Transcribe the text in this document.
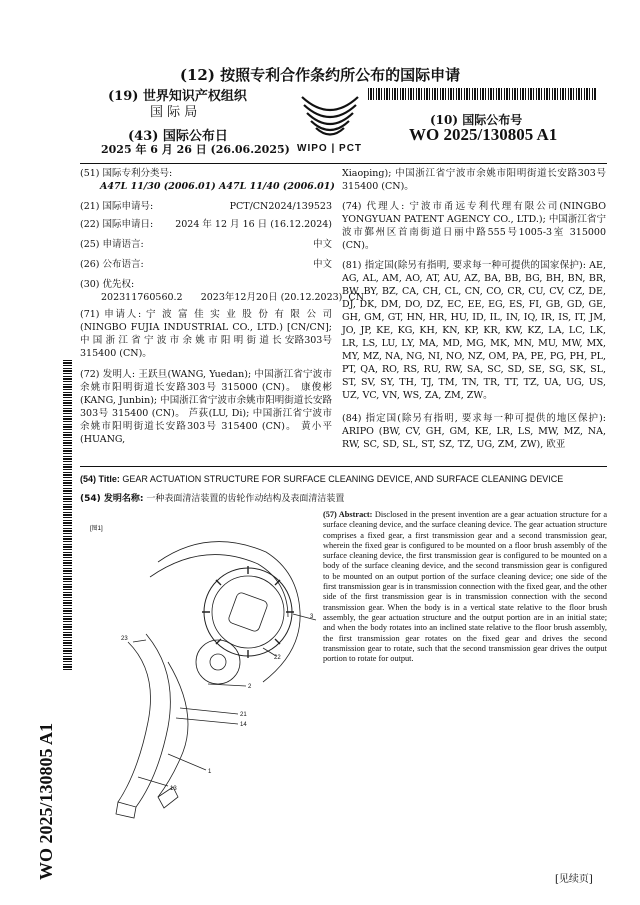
(12) 按照专利合作条约所公布的国际申请
(19) 世界知识产权组织
国 际 局
(43) 国际公布日
2025 年 6 月 26 日 (26.06.2025) WIPO | PCT
(10) 国际公布号
WO 2025/130805 A1
(51) 国际专利分类号:
A47L 11/30 (2006.01) A47L 11/40 (2006.01)
(21) 国际申请号:	PCT/CN2024/139523
(22) 国际申请日:	2024 年 12 月 16 日 (16.12.2024)
(25) 申请语言:	中文
(26) 公布语言:	中文
(30) 优先权:
202311760560.2      2023年12月20日 (20.12.2023)  CN
(71) 申请人: 宁 波 富 佳 实 业 股 份 有 限 公 司 (NINGBO FUJIA INDUSTRIAL CO., LTD.) [CN/CN]; 中 国 浙 江 省 宁 波 市 余 姚 市 阳 明 街 道 长 安路303号 315400 (CN)。
(72) 发明人: 王跃旦(WANG, Yuedan); 中国浙江省宁波市余姚市阳明街道长安路303号 315000 (CN)。 康俊彬(KANG, Junbin); 中国浙江省宁波市余姚市阳明街道长安路303号 315400 (CN)。 芦荻(LU, Di); 中国浙江省宁波市余姚市阳明街道长安路303号 315400 (CN)。 黄小平(HUANG,
Xiaoping); 中国浙江省宁波市余姚市阳明街道长安路303号 315400 (CN)。
(74) 代理人: 宁波市甬远专利代理有限公司(NINGBO YONGYUAN PATENT AGENCY CO., LTD.); 中国浙江省宁波市鄞州区首南街道日丽中路555号1005-3室 315000 (CN)。
(81) 指定国(除另有指明, 要求每一种可提供的国家保护): AE, AG, AL, AM, AO, AT, AU, AZ, BA, BB, BG, BH, BN, BR, BW, BY, BZ, CA, CH, CL, CN, CO, CR, CU, CV, CZ, DE, DJ, DK, DM, DO, DZ, EC, EE, EG, ES, FI, GB, GD, GE, GH, GM, GT, HN, HR, HU, ID, IL, IN, IQ, IR, IS, IT, JM, JO, JP, KE, KG, KH, KN, KP, KR, KW, KZ, LA, LC, LK, LR, LS, LU, LY, MA, MD, MG, MK, MN, MU, MW, MX, MY, MZ, NA, NG, NI, NO, NZ, OM, PA, PE, PG, PH, PL, PT, QA, RO, RS, RU, RW, SA, SC, SD, SE, SG, SK, SL, ST, SV, SY, TH, TJ, TM, TN, TR, TT, TZ, UA, UG, US, UZ, VC, VN, WS, ZA, ZM, ZW。
(84) 指定国(除另有指明, 要求每一种可提供的地区保护): ARIPO (BW, CV, GH, GM, KE, LR, LS, MW, MZ, NA, RW, SC, SD, SL, ST, SZ, TZ, UG, ZM, ZW), 欧亚
(54) Title: GEAR ACTUATION STRUCTURE FOR SURFACE CLEANING DEVICE, AND SURFACE CLEANING DEVICE
(54) 发明名称: 一种表面清洁装置的齿轮作动结构及表面清洁装置
(57) Abstract: Disclosed in the present invention are a gear actuation structure for a surface cleaning device, and the surface cleaning device. The gear actuation structure comprises a fixed gear, a first transmission gear and a second transmission gear, wherein the fixed gear is configured to be mounted on a floor brush assembly of the surface cleaning device, the first transmission gear is configured to be mounted on a body of the surface cleaning device, and the second transmission gear is configured to be mounted on an output portion of the surface cleaning device; one side of the first transmission gear is in transmission connection with the fixed gear, and the other side of the first transmission gear is in transmission connection with the second transmission gear. When the body is in a vertical state relative to the floor brush assembly, the gear actuation structure and the output portion are in an initial state; and when the body rotates into an inclined state relative to the floor brush assembly, the first transmission gear rotates on the fixed gear and drives the second transmission gear to rotate, such that the second transmission gear drives the output portion to rotate for output.
WO 2025/130805 A1
[图1]
3
22
23
2
21
14
1
13
[见续页]
